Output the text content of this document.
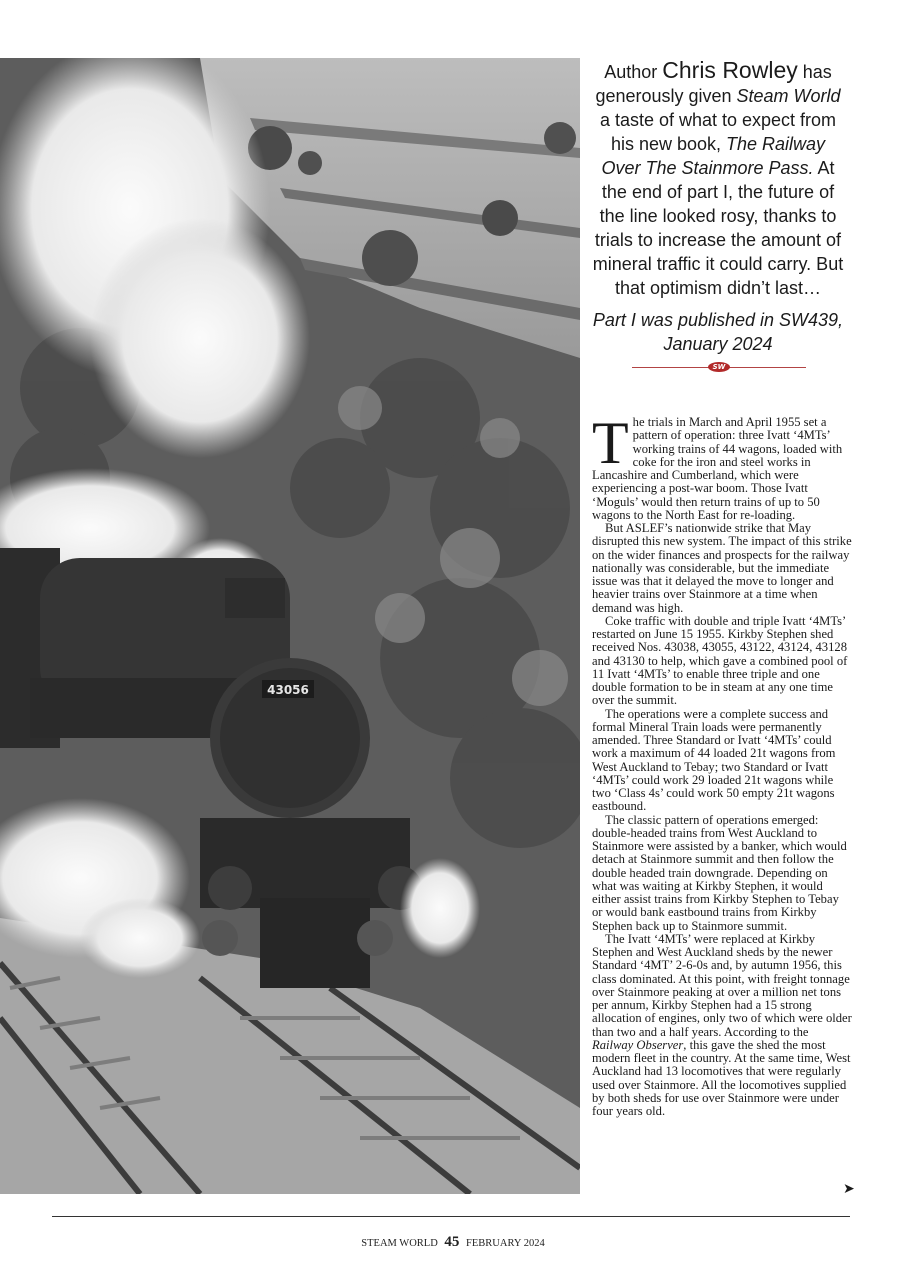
43056

Author Chris Rowley has generously given Steam World a taste of what to expect from his new book, The Railway Over The Stainmore Pass. At the end of part I, the future of the line looked rosy, thanks to trials to increase the amount of mineral traffic it could carry. But that optimism didn’t last…

Part I was published in SW439,
January 2024

SW

The trials in March and April 1955 set a pattern of operation: three Ivatt ‘4MTs’ working trains of 44 wagons, loaded with coke for the iron and steel works in Lancashire and Cumberland, which were experiencing a post-war boom. Those Ivatt ‘Moguls’ would then return trains of up to 50 wagons to the North East for re-loading.

But ASLEF’s nationwide strike that May disrupted this new system. The impact of this strike on the wider finances and prospects for the railway nationally was considerable, but the immediate issue was that it delayed the move to longer and heavier trains over Stainmore at a time when demand was high.

Coke traffic with double and triple Ivatt ‘4MTs’ restarted on June 15 1955. Kirkby Stephen shed received Nos. 43038, 43055, 43122, 43124, 43128 and 43130 to help, which gave a combined pool of 11 Ivatt ‘4MTs’ to enable three triple and one double formation to be in steam at any one time over the summit.

The operations were a complete success and formal Mineral Train loads were permanently amended. Three Standard or Ivatt ‘4MTs’ could work a maximum of 44 loaded 21t wagons from West Auckland to Tebay; two Standard or Ivatt ‘4MTs’ could work 29 loaded 21t wagons while two ‘Class 4s’ could work 50 empty 21t wagons eastbound.

The classic pattern of operations emerged: double-headed trains from West Auckland to Stainmore were assisted by a banker, which would detach at Stainmore summit and then follow the double headed train downgrade. Depending on what was waiting at Kirkby Stephen, it would either assist trains from Kirkby Stephen to Tebay or would bank eastbound trains from Kirkby Stephen back up to Stainmore summit.

The Ivatt ‘4MTs’ were replaced at Kirkby Stephen and West Auckland sheds by the newer Standard ‘4MT’ 2-6-0s and, by autumn 1956, this class dominated. At this point, with freight tonnage over Stainmore peaking at over a million net tons per annum, Kirkby Stephen had a 15 strong allocation of engines, only two of which were older than two and a half years. According to the Railway Observer, this gave the shed the most modern fleet in the country. At the same time, West Auckland had 13 locomotives that were regularly used over Stainmore. All the locomotives supplied by both sheds for use over Stainmore were under four years old.

➤
STEAM WORLD 45 FEBRUARY 2024
